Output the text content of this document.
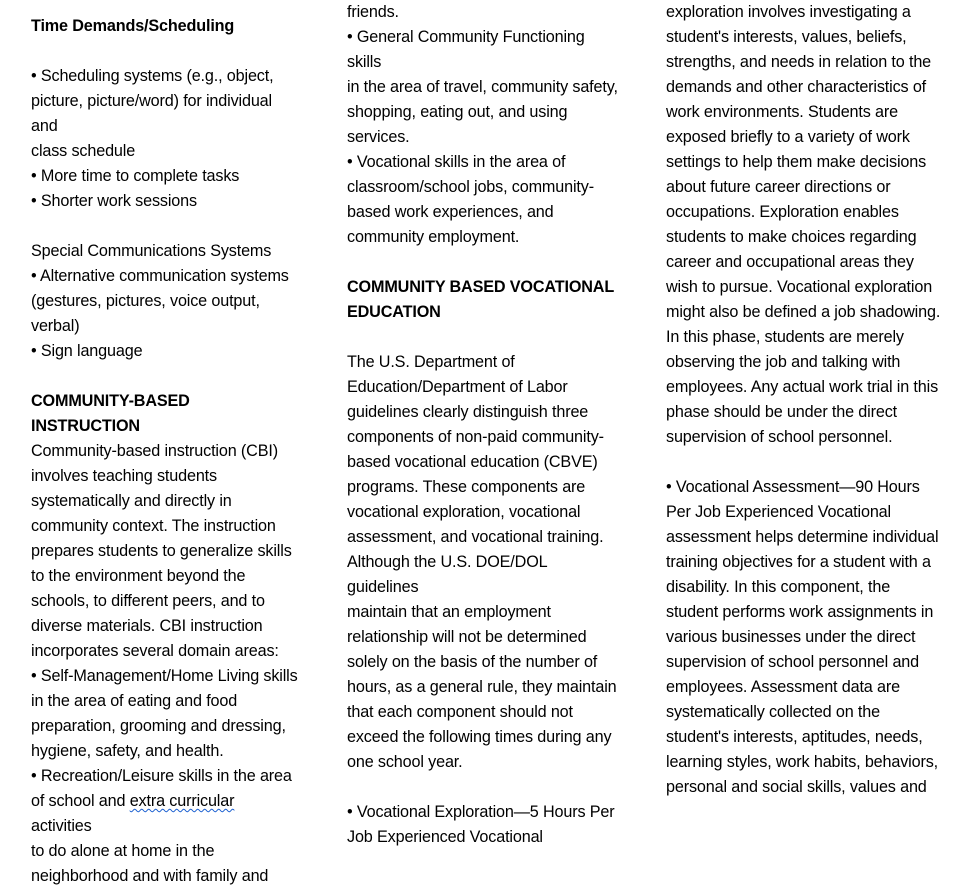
Time Demands/Scheduling

• Scheduling systems (e.g., object,

picture, picture/word) for individual and

class schedule

• More time to complete tasks

• Shorter work sessions

Special Communications Systems

• Alternative communication systems

(gestures, pictures, voice output,

verbal)

• Sign language

COMMUNITY-BASED INSTRUCTION

Community-based instruction (CBI)

involves teaching students

systematically and directly in

community context. The instruction

prepares students to generalize skills

to the environment beyond the

schools, to different peers, and to

diverse materials. CBI instruction

incorporates several domain areas:

• Self-Management/Home Living skills

in the area of eating and food

preparation, grooming and dressing,

hygiene, safety, and health.

• Recreation/Leisure skills in the area

of school and extra curricular activities

to do alone at home in the

neighborhood and with family and

friends.

• General Community Functioning skills

in the area of travel, community safety,

shopping, eating out, and using

services.

• Vocational skills in the area of

classroom/school jobs, community-

based work experiences, and

community employment.

COMMUNITY BASED VOCATIONAL

EDUCATION

The U.S. Department of

Education/Department of Labor

guidelines clearly distinguish three

components of non-paid community-

based vocational education (CBVE)

programs. These components are

vocational exploration, vocational

assessment, and vocational training.

Although the U.S. DOE/DOL guidelines

maintain that an employment

relationship will not be determined

solely on the basis of the number of

hours, as a general rule, they maintain

that each component should not

exceed the following times during any

one school year.

• Vocational Exploration—5 Hours Per

Job Experienced Vocational

exploration involves investigating a

student's interests, values, beliefs,

strengths, and needs in relation to the

demands and other characteristics of

work environments. Students are

exposed briefly to a variety of work

settings to help them make decisions

about future career directions or

occupations. Exploration enables

students to make choices regarding

career and occupational areas they

wish to pursue. Vocational exploration

might also be defined a job shadowing.

In this phase, students are merely

observing the job and talking with

employees. Any actual work trial in this

phase should be under the direct

supervision of school personnel.

• Vocational Assessment—90 Hours

Per Job Experienced Vocational

assessment helps determine individual

training objectives for a student with a

disability. In this component, the

student performs work assignments in

various businesses under the direct

supervision of school personnel and

employees. Assessment data are

systematically collected on the

student's interests, aptitudes, needs,

learning styles, work habits, behaviors,

personal and social skills, values and
